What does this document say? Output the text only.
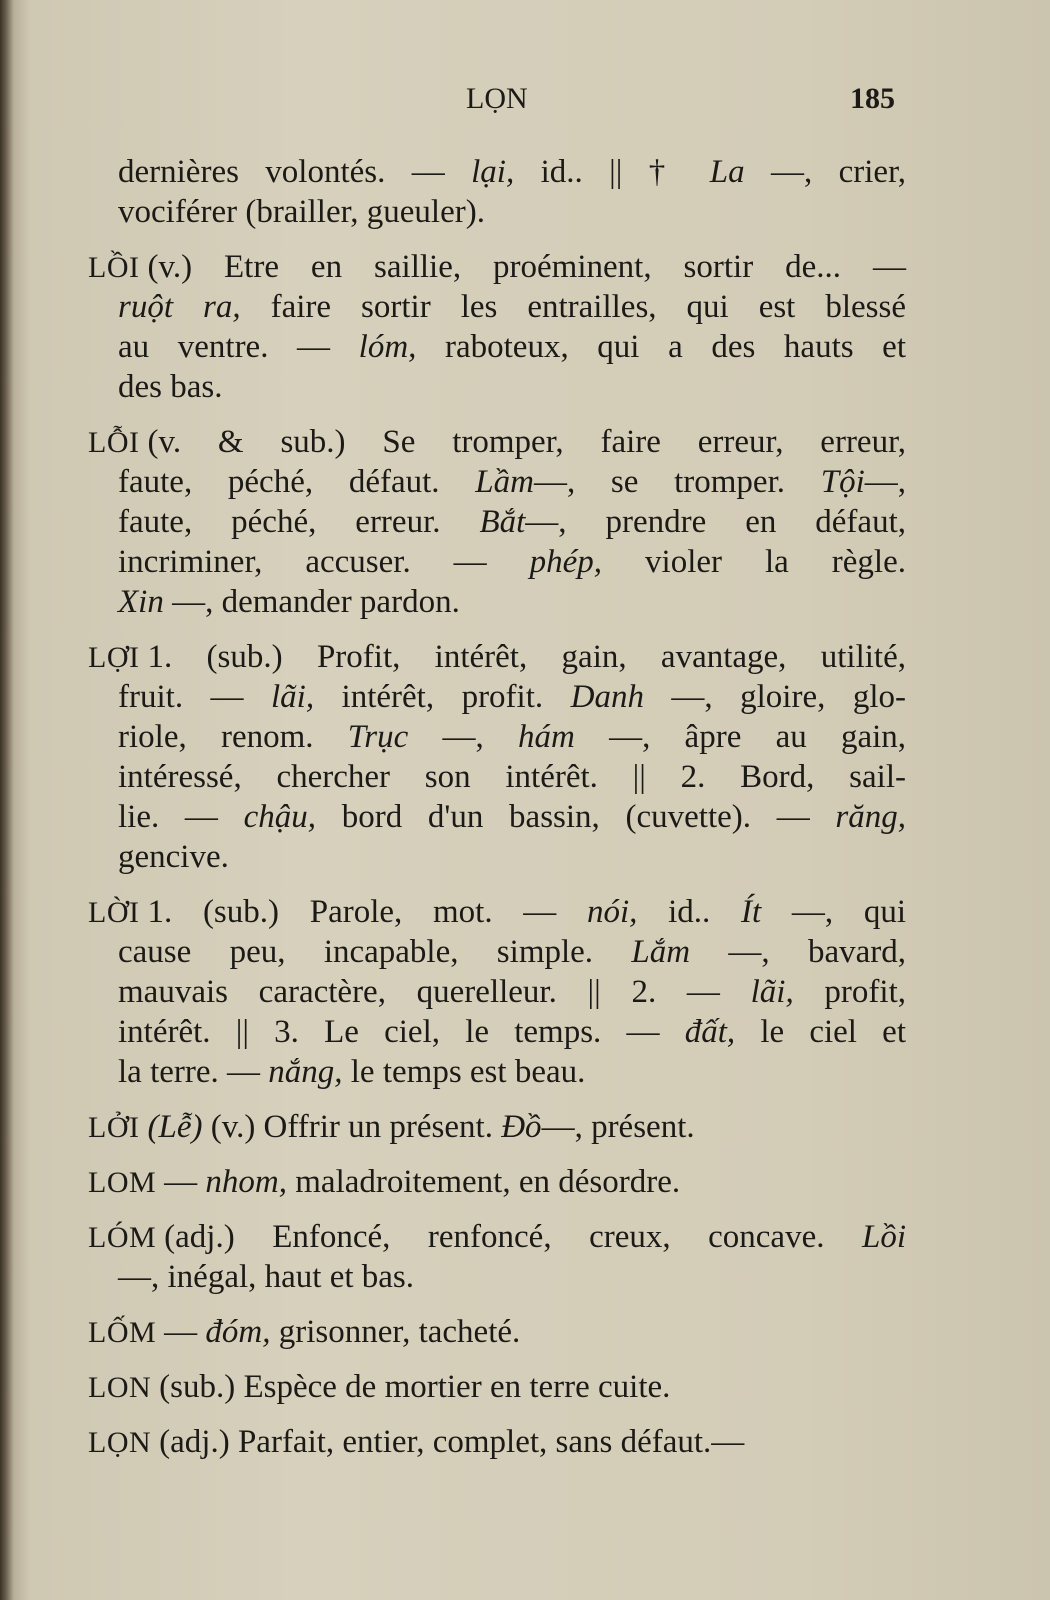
LỌN	185
dernières volontés. — lại, id.. || † La —, crier,
vociférer (brailler, gueuler).
LỒI (v.) Etre en saillie, proéminent, sortir de... —
ruột ra, faire sortir les entrailles, qui est blessé
au ventre. — lóm, raboteux, qui a des hauts et
des bas.
LỖI (v. & sub.) Se tromper, faire erreur, erreur,
faute, péché, défaut. Lầm—, se tromper. Tội—,
faute, péché, erreur. Bắt—, prendre en défaut,
incriminer, accuser. — phép, violer la règle.
Xin —, demander pardon.
LỢI 1. (sub.) Profit, intérêt, gain, avantage, utilité,
fruit. — lãi, intérêt, profit. Danh —, gloire, glo-
riole, renom. Trục —, hám —, âpre au gain,
intéressé, chercher son intérêt. || 2. Bord, sail-
lie. — chậu, bord d'un bassin, (cuvette). — răng,
gencive.
LỜI 1. (sub.) Parole, mot. — nói, id.. Ít —, qui
cause peu, incapable, simple. Lắm —, bavard,
mauvais caractère, querelleur. || 2. — lãi, profit,
intérêt. || 3. Le ciel, le temps. — đất, le ciel et
la terre. — nắng, le temps est beau.
LỞI (Lễ) (v.) Offrir un présent. Đồ—, présent.
LOM — nhom, maladroitement, en désordre.
LÓM (adj.) Enfoncé, renfoncé, creux, concave. Lồi
—, inégal, haut et bas.
LỐM — đóm, grisonner, tacheté.
LON (sub.) Espèce de mortier en terre cuite.
LỌN (adj.) Parfait, entier, complet, sans défaut.—
